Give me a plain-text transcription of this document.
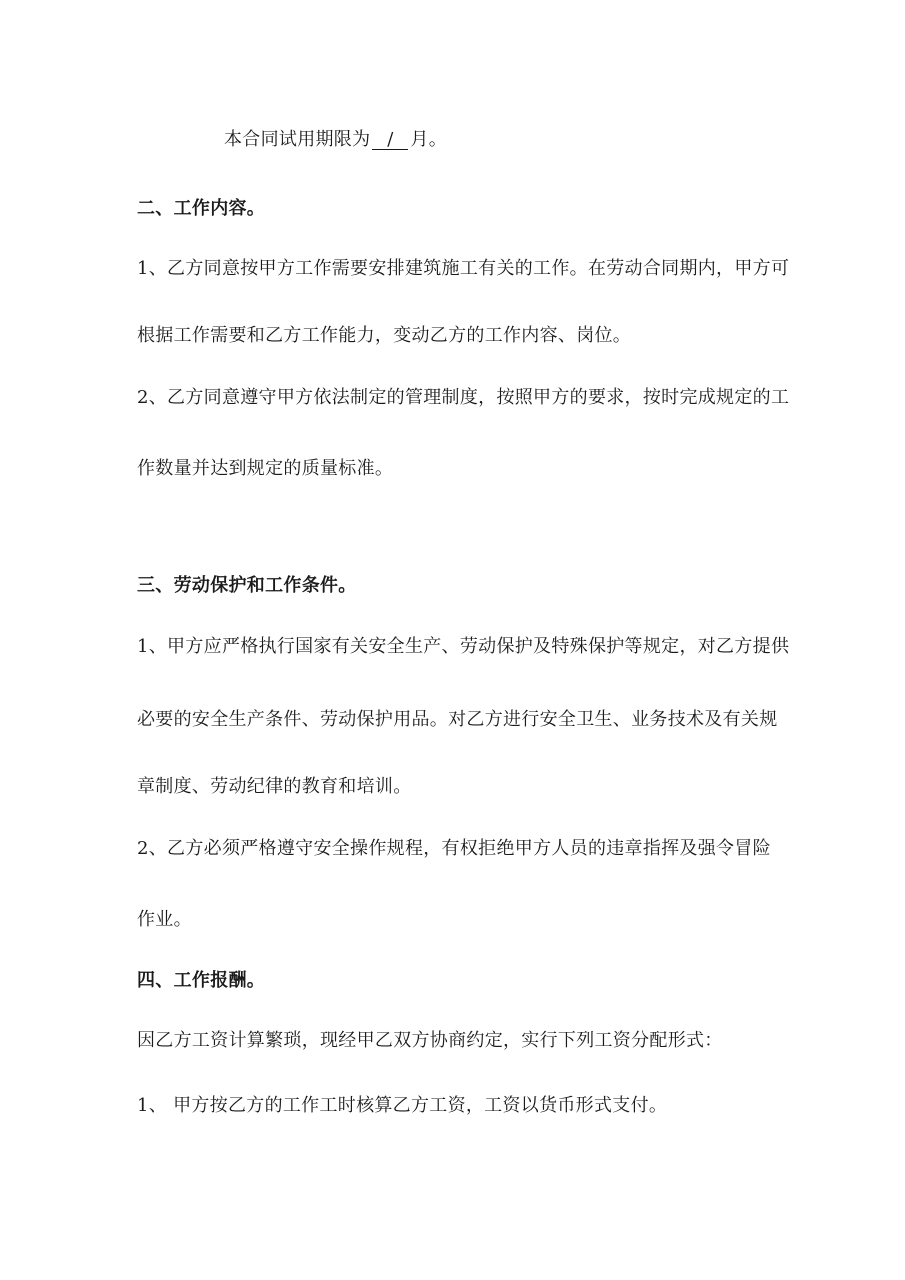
本合同试用期限为 / 月。
二、工作内容。
1、乙方同意按甲方工作需要安排建筑施工有关的工作。在劳动合同期内，甲方可
根据工作需要和乙方工作能力，变动乙方的工作内容、岗位。
2、乙方同意遵守甲方依法制定的管理制度，按照甲方的要求，按时完成规定的工
作数量并达到规定的质量标准。
三、劳动保护和工作条件。
1、甲方应严格执行国家有关安全生产、劳动保护及特殊保护等规定，对乙方提供
必要的安全生产条件、劳动保护用品。对乙方进行安全卫生、业务技术及有关规
章制度、劳动纪律的教育和培训。
2、乙方必须严格遵守安全操作规程，有权拒绝甲方人员的违章指挥及强令冒险
作业。
四、工作报酬。
因乙方工资计算繁琐，现经甲乙双方协商约定，实行下列工资分配形式：
1、 甲方按乙方的工作工时核算乙方工资，工资以货币形式支付。
